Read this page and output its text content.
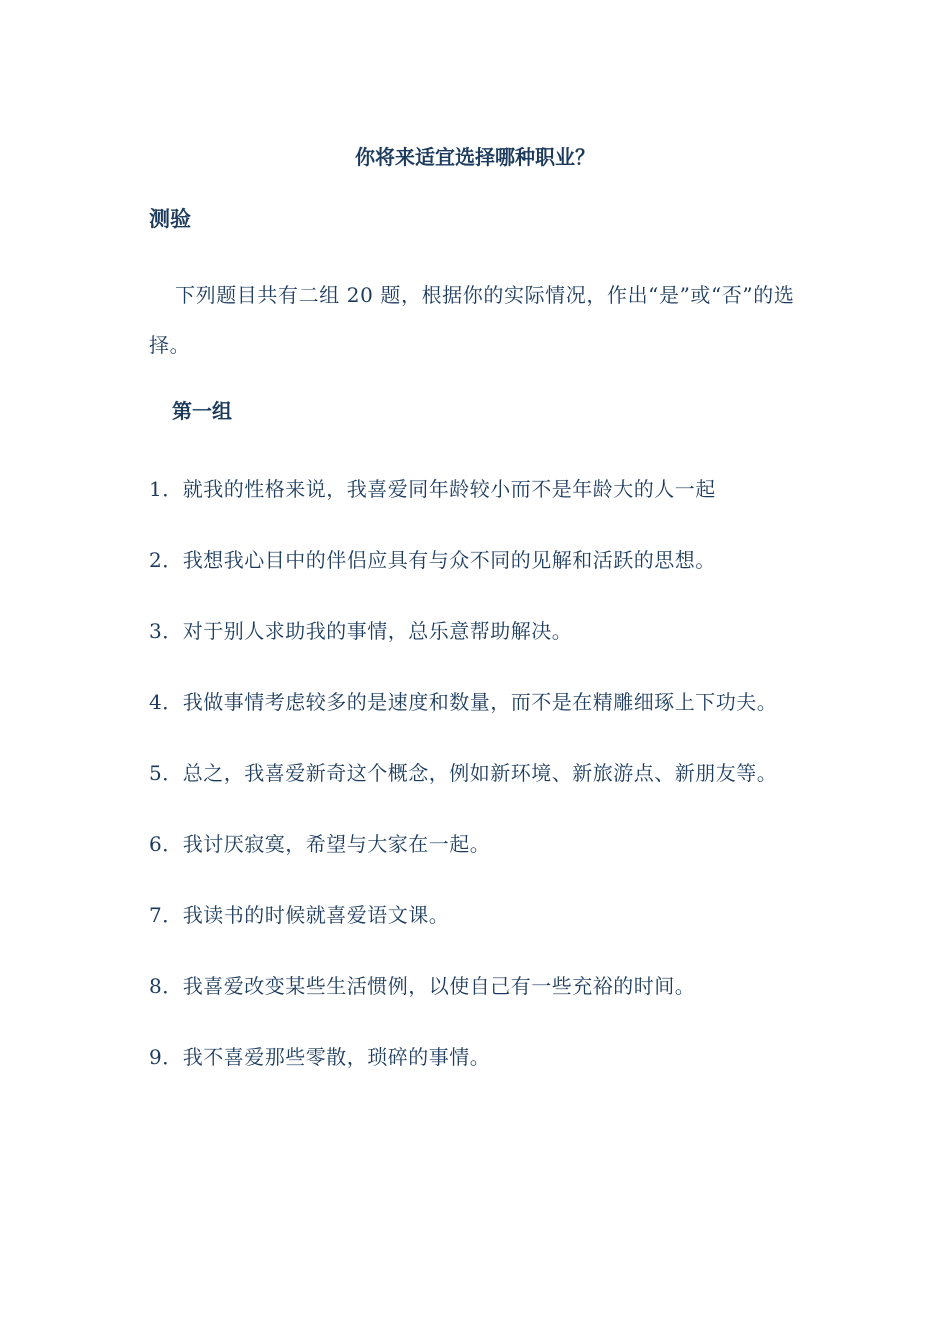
你将来适宜选择哪种职业？
测验

下列题目共有二组 20 题，根据你的实际情况，作出“是”或“否”的选择。

第一组
1．就我的性格来说，我喜爱同年龄较小而不是年龄大的人一起
2．我想我心目中的伴侣应具有与众不同的见解和活跃的思想。
3．对于别人求助我的事情，总乐意帮助解决。
4．我做事情考虑较多的是速度和数量，而不是在精雕细琢上下功夫。
5．总之，我喜爱新奇这个概念，例如新环境、新旅游点、新朋友等。
6．我讨厌寂寞，希望与大家在一起。
7．我读书的时候就喜爱语文课。
8．我喜爱改变某些生活惯例，以使自己有一些充裕的时间。
9．我不喜爱那些零散，琐碎的事情。
